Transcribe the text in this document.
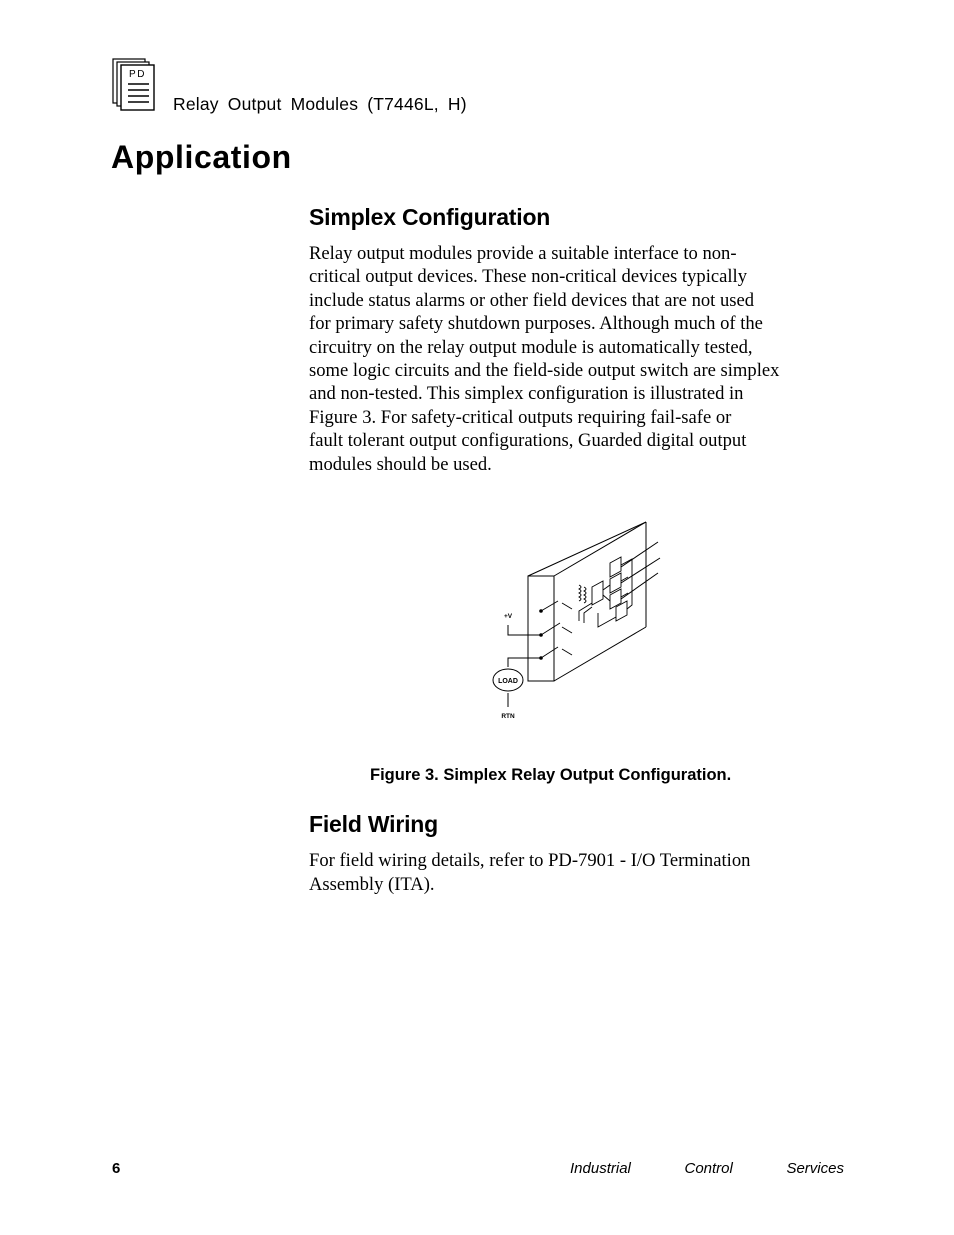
PD
Relay Output Modules (T7446L, H)
Application
Simplex Configuration
Relay output modules provide a suitable interface to non-
critical output devices. These non-critical devices typically
include status alarms or other field devices that are not used
for primary safety shutdown purposes. Although much of the
circuitry on the relay output module is automatically tested,
some logic circuits and the field-side output switch are simplex
and non-tested. This simplex configuration is illustrated in
Figure 3. For safety-critical outputs requiring fail-safe or
fault tolerant output configurations, Guarded digital output
modules should be used.
+V
LOAD
RTN
Figure 3. Simplex Relay Output Configuration.
Field Wiring
For field wiring details, refer to PD-7901 - I/O Termination
Assembly (ITA).
6	Industrial	Control	Services
